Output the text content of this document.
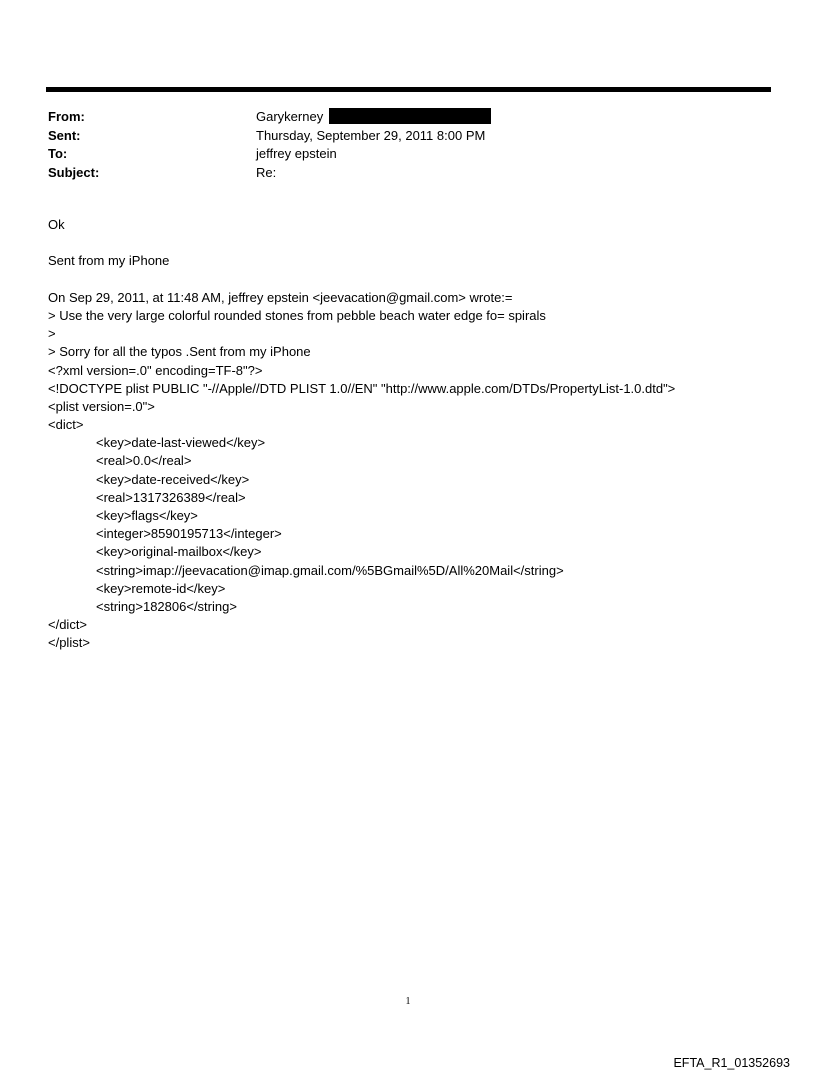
From:	Garykerney
Sent:	Thursday, September 29, 2011 8:00 PM
To:	jeffrey epstein
Subject:	Re:
Ok
Sent from my iPhone
On Sep 29, 2011, at 11:48 AM, jeffrey epstein <jeevacation@gmail.com> wrote:=
> Use the very large colorful rounded stones from pebble beach water edge fo= spirals
>
> Sorry for all the typos .Sent from my iPhone
<?xml version=.0" encoding=TF-8"?>
<!DOCTYPE plist PUBLIC "-//Apple//DTD PLIST 1.0//EN" "http://www.apple.com/DTDs/PropertyList-1.0.dtd">
<plist version=.0">
<dict>
<key>date-last-viewed</key>
<real>0.0</real>
<key>date-received</key>
<real>1317326389</real>
<key>flags</key>
<integer>8590195713</integer>
<key>original-mailbox</key>
<string>imap://jeevacation@imap.gmail.com/%5BGmail%5D/All%20Mail</string>
<key>remote-id</key>
<string>182806</string>
</dict>
</plist>
1
EFTA_R1_01352693
